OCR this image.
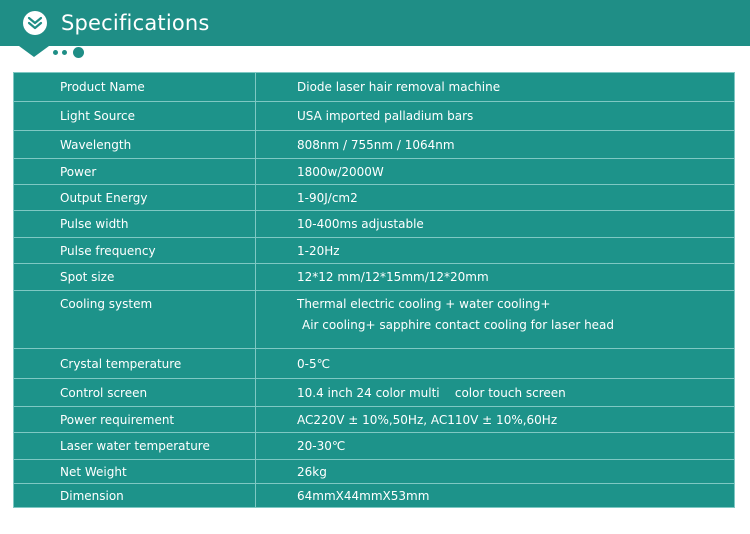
Specifications
Product Name	Diode laser hair removal machine
Light Source	USA imported palladium bars
Wavelength	808nm / 755nm / 1064nm
Power	1800w/2000W
Output Energy	1-90J/cm2
Pulse width	10-400ms adjustable
Pulse frequency	1-20Hz
Spot size	12*12 mm/12*15mm/12*20mm
Cooling system	Thermal electric cooling + water cooling+
Air cooling+ sapphire contact cooling for laser head
Crystal temperature	0-5℃
Control screen	10.4 inch 24 color multi    color touch screen
Power requirement	AC220V ± 10%,50Hz, AC110V ± 10%,60Hz
Laser water temperature	20-30℃
Net Weight	26kg
Dimension	64mmX44mmX53mm
